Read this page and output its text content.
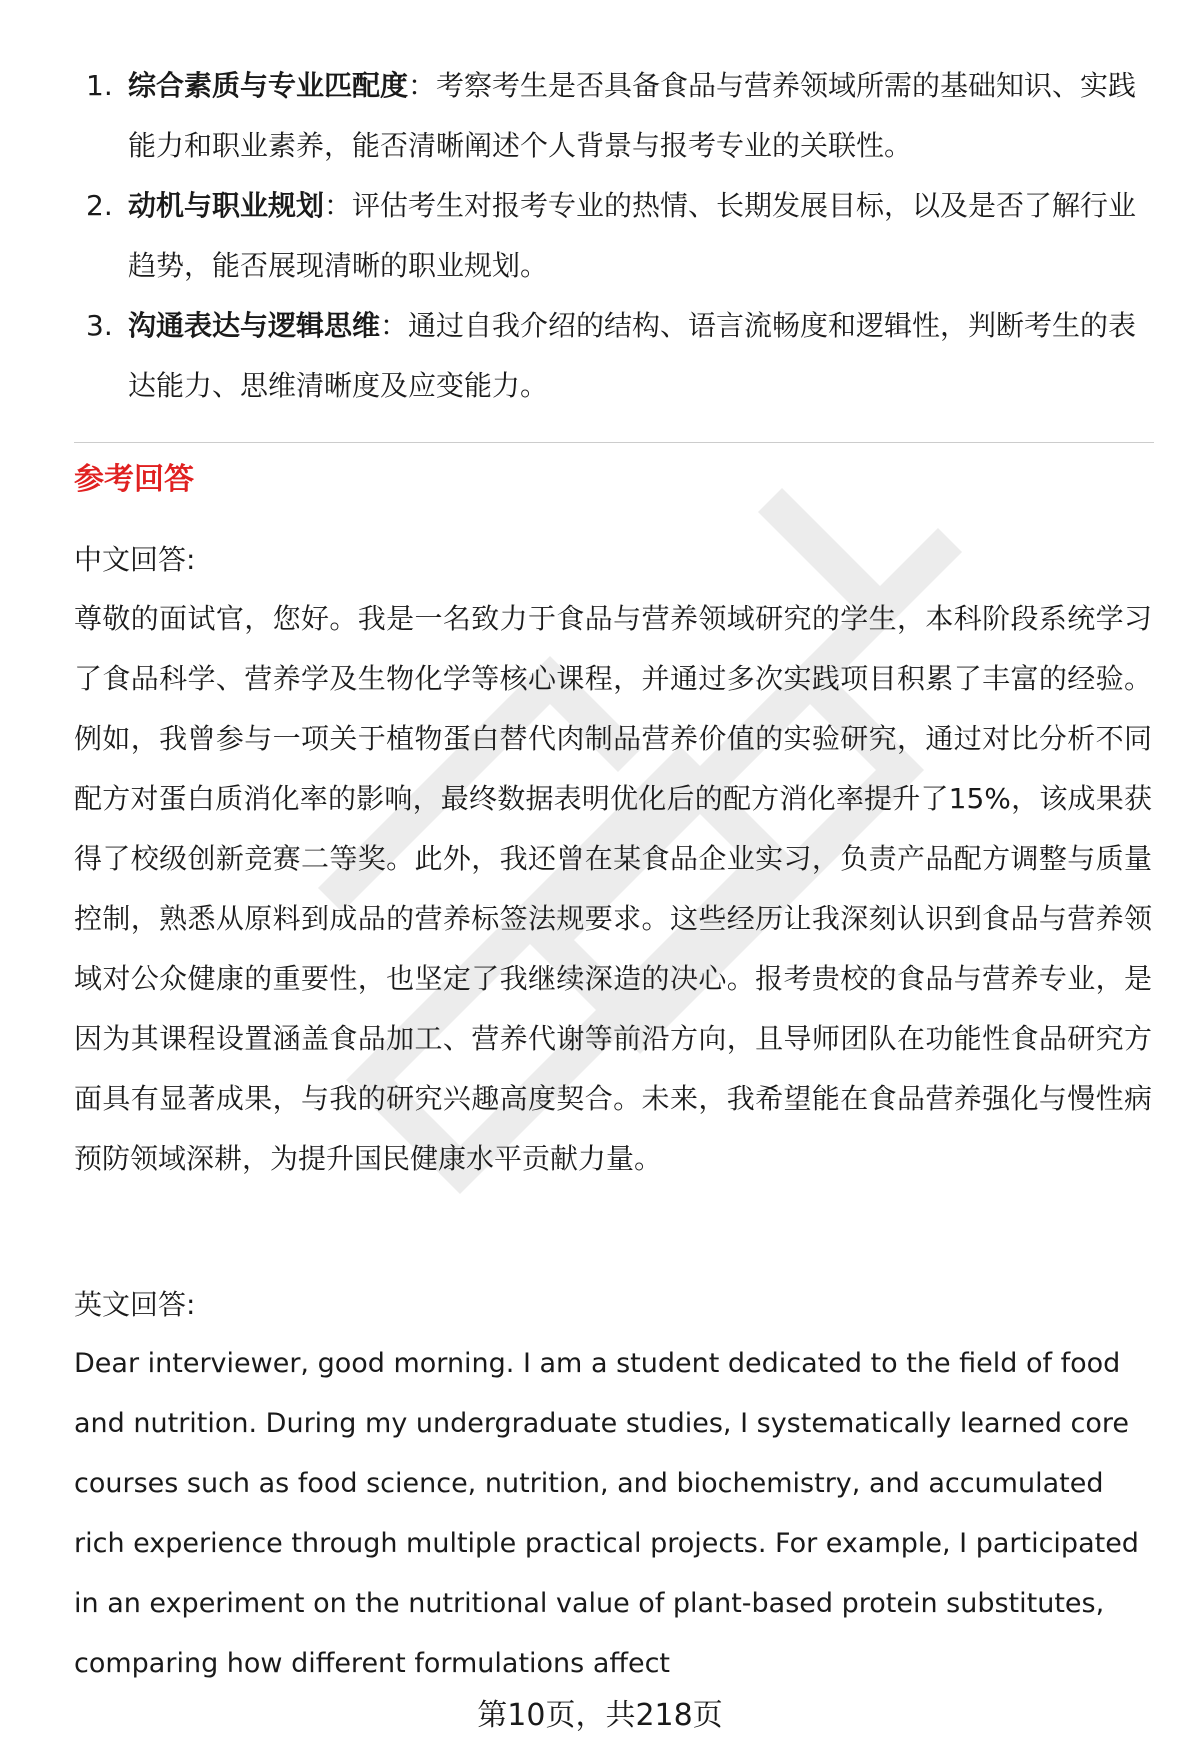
1. 综合素质与专业匹配度：考察考生是否具备食品与营养领域所需的基础知识、实践能力和职业素养，能否清晰阐述个人背景与报考专业的关联性。
2. 动机与职业规划：评估考生对报考专业的热情、长期发展目标，以及是否了解行业趋势，能否展现清晰的职业规划。
3. 沟通表达与逻辑思维：通过自我介绍的结构、语言流畅度和逻辑性，判断考生的表达能力、思维清晰度及应变能力。
参考回答
中文回答:

尊敬的面试官，您好。我是一名致力于食品与营养领域研究的学生，本科阶段系统学习了食品科学、营养学及生物化学等核心课程，并通过多次实践项目积累了丰富的经验。例如，我曾参与一项关于植物蛋白替代肉制品营养价值的实验研究，通过对比分析不同配方对蛋白质消化率的影响，最终数据表明优化后的配方消化率提升了15%，该成果获得了校级创新竞赛二等奖。此外，我还曾在某食品企业实习，负责产品配方调整与质量控制，熟悉从原料到成品的营养标签法规要求。这些经历让我深刻认识到食品与营养领域对公众健康的重要性，也坚定了我继续深造的决心。报考贵校的食品与营养专业，是因为其课程设置涵盖食品加工、营养代谢等前沿方向，且导师团队在功能性食品研究方面具有显著成果，与我的研究兴趣高度契合。未来，我希望能在食品营养强化与慢性病预防领域深耕，为提升国民健康水平贡献力量。

英文回答:

Dear interviewer, good morning. I am a student dedicated to the field of food and nutrition. During my undergraduate studies, I systematically learned core courses such as food science, nutrition, and biochemistry, and accumulated rich experience through multiple practical projects. For example, I participated in an experiment on the nutritional value of plant-based protein substitutes, comparing how different formulations affect

第10页，共218页
